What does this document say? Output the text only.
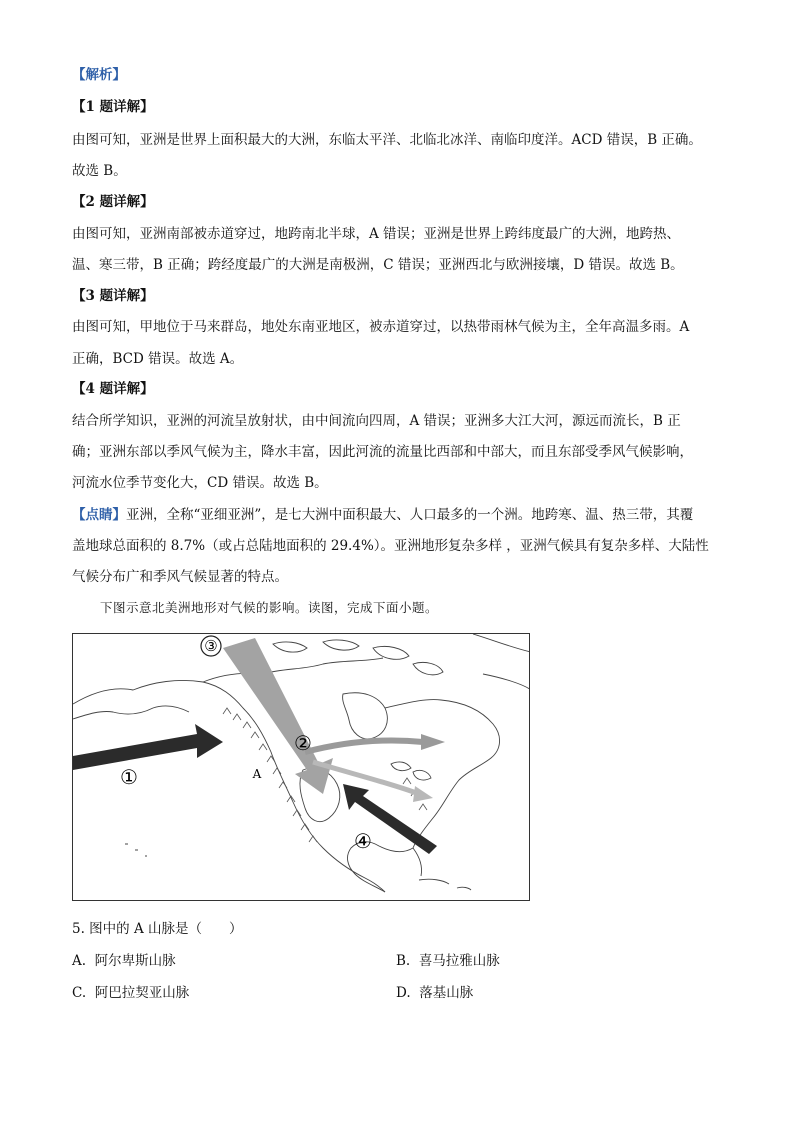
【解析】
【1 题详解】
由图可知，亚洲是世界上面积最大的大洲，东临太平洋、北临北冰洋、南临印度洋。ACD 错误，B 正确。
故选 B。
【2 题详解】
由图可知，亚洲南部被赤道穿过，地跨南北半球，A 错误；亚洲是世界上跨纬度最广的大洲，地跨热、
温、寒三带，B 正确；跨经度最广的大洲是南极洲，C 错误；亚洲西北与欧洲接壤，D 错误。故选 B。
【3 题详解】
由图可知，甲地位于马来群岛，地处东南亚地区，被赤道穿过，以热带雨林气候为主，全年高温多雨。A
正确，BCD 错误。故选 A。
【4 题详解】
结合所学知识，亚洲的河流呈放射状，由中间流向四周，A 错误；亚洲多大江大河，源远而流长，B 正
确；亚洲东部以季风气候为主，降水丰富，因此河流的流量比西部和中部大，而且东部受季风气候影响，
河流水位季节变化大，CD 错误。故选 B。
【点睛】亚洲，全称“亚细亚洲”，是七大洲中面积最大、人口最多的一个洲。地跨寒、温、热三带，其覆
盖地球总面积的 8.7%（或占总陆地面积的 29.4%）。亚洲地形复杂多样 ，亚洲气候具有复杂多样、大陆性
气候分布广和季风气候显著的特点。
下图示意北美洲地形对气候的影响。读图，完成下面小题。
③
②
①
④
A
5. 图中的 A 山脉是（　　）
A. 阿尔卑斯山脉	B. 喜马拉雅山脉
C. 阿巴拉契亚山脉	D. 落基山脉
